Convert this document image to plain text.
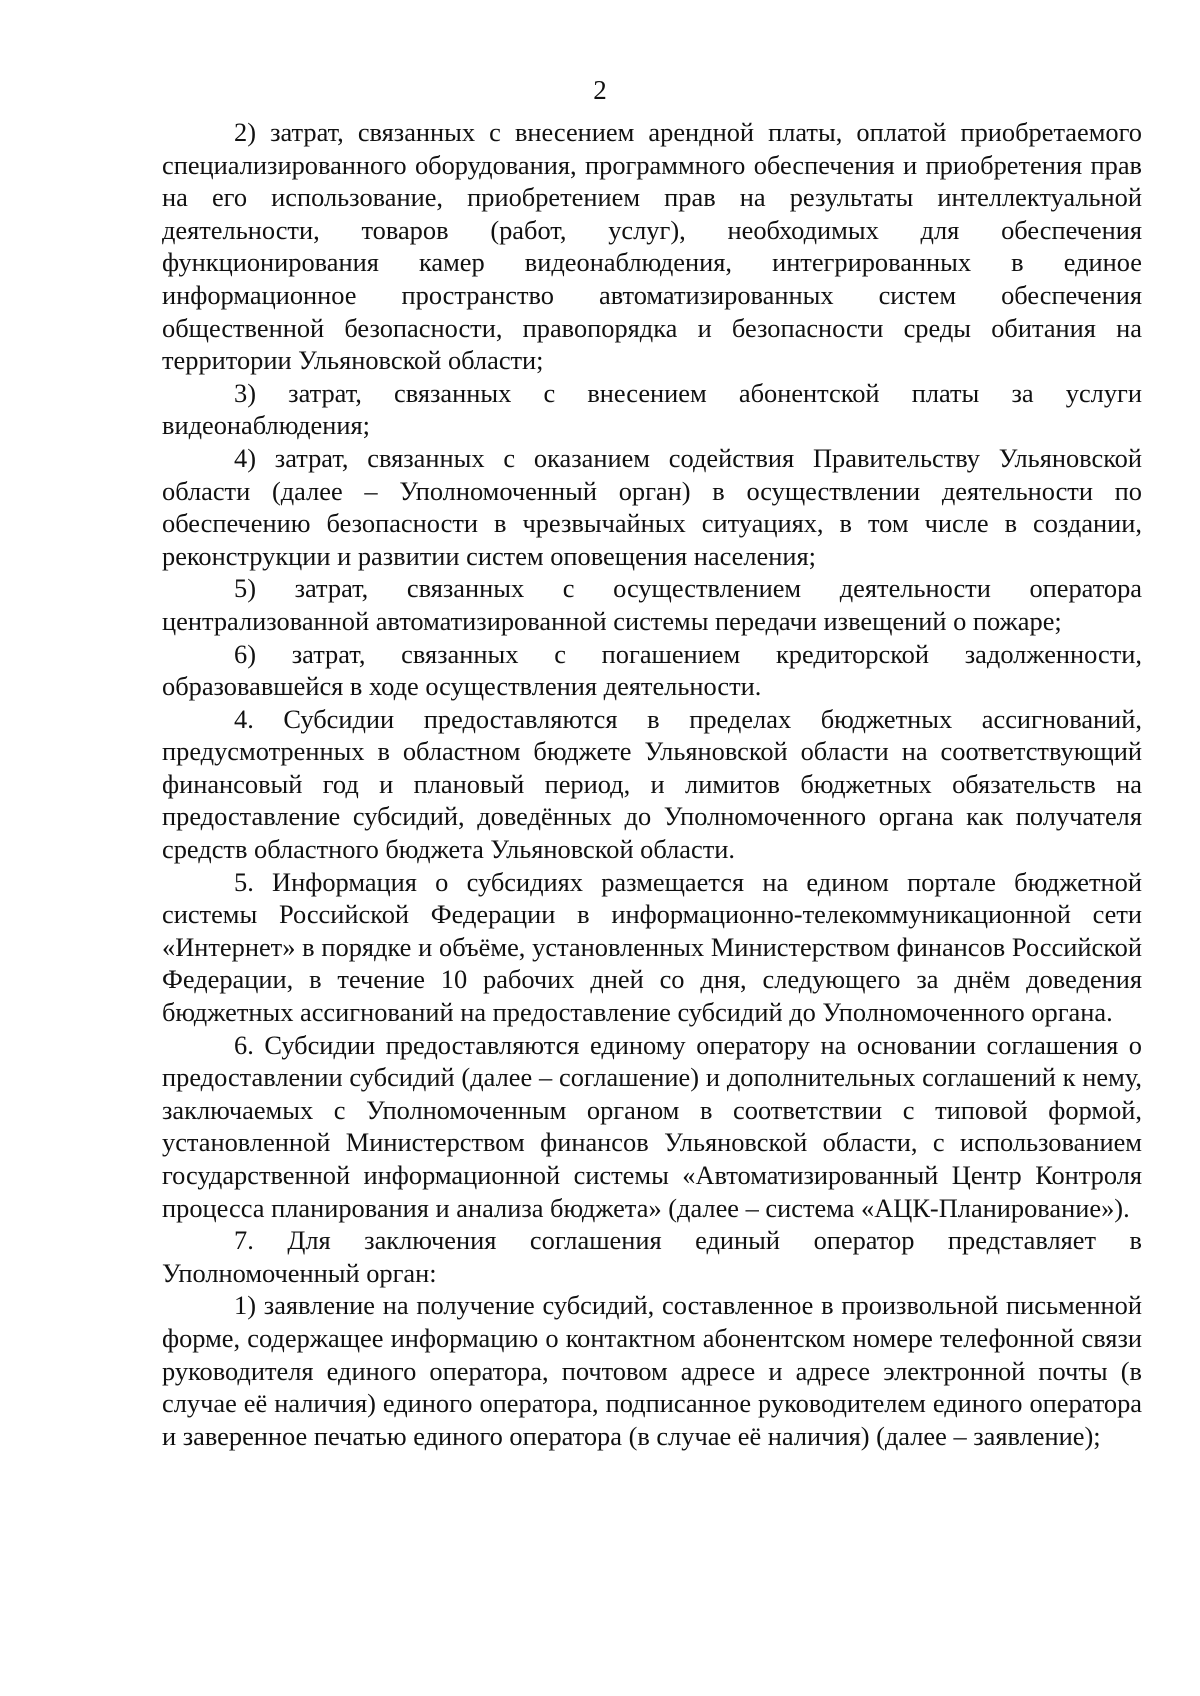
2

2) затрат, связанных с внесением арендной платы, оплатой приобретаемого специализированного оборудования, программного обеспечения и приобретения прав на его использование, приобретением прав на результаты интеллектуальной деятельности, товаров (работ, услуг), необходимых для обеспечения функционирования камер видеонаблюдения, интегрированных в единое информационное пространство автоматизированных систем обеспечения общественной безопасности, правопорядка и безопасности среды обитания на территории Ульяновской области;

3) затрат, связанных с внесением абонентской платы за услуги видеонаблюдения;

4) затрат, связанных с оказанием содействия Правительству Ульяновской области (далее – Уполномоченный орган) в осуществлении деятельности по обеспечению безопасности в чрезвычайных ситуациях, в том числе в создании, реконструкции и развитии систем оповещения населения;

5) затрат, связанных с осуществлением деятельности оператора централизованной автоматизированной системы передачи извещений о пожаре;

6) затрат, связанных с погашением кредиторской задолженности, образовавшейся в ходе осуществления деятельности.

4. Субсидии предоставляются в пределах бюджетных ассигнований, предусмотренных в областном бюджете Ульяновской области на соответствующий финансовый год и плановый период, и лимитов бюджетных обязательств на предоставление субсидий, доведённых до Уполномоченного органа как получателя средств областного бюджета Ульяновской области.

5. Информация о субсидиях размещается на едином портале бюджетной системы Российской Федерации в информационно-телекоммуникационной сети «Интернет» в порядке и объёме, установленных Министерством финансов Российской Федерации, в течение 10 рабочих дней со дня, следующего за днём доведения бюджетных ассигнований на предоставление субсидий до Уполномоченного органа.

6. Субсидии предоставляются единому оператору на основании соглашения о предоставлении субсидий (далее – соглашение) и дополнительных соглашений к нему, заключаемых с Уполномоченным органом в соответствии с типовой формой, установленной Министерством финансов Ульяновской области, с использованием государственной информационной системы «Автоматизированный Центр Контроля процесса планирования и анализа бюджета» (далее – система «АЦК-Планирование»).

7. Для заключения соглашения единый оператор представляет в Уполномоченный орган:

1) заявление на получение субсидий, составленное в произвольной письменной форме, содержащее информацию о контактном абонентском номере телефонной связи руководителя единого оператора, почтовом адресе и адресе электронной почты (в случае её наличия) единого оператора, подписанное руководителем единого оператора и заверенное печатью единого оператора (в случае её наличия) (далее – заявление);
